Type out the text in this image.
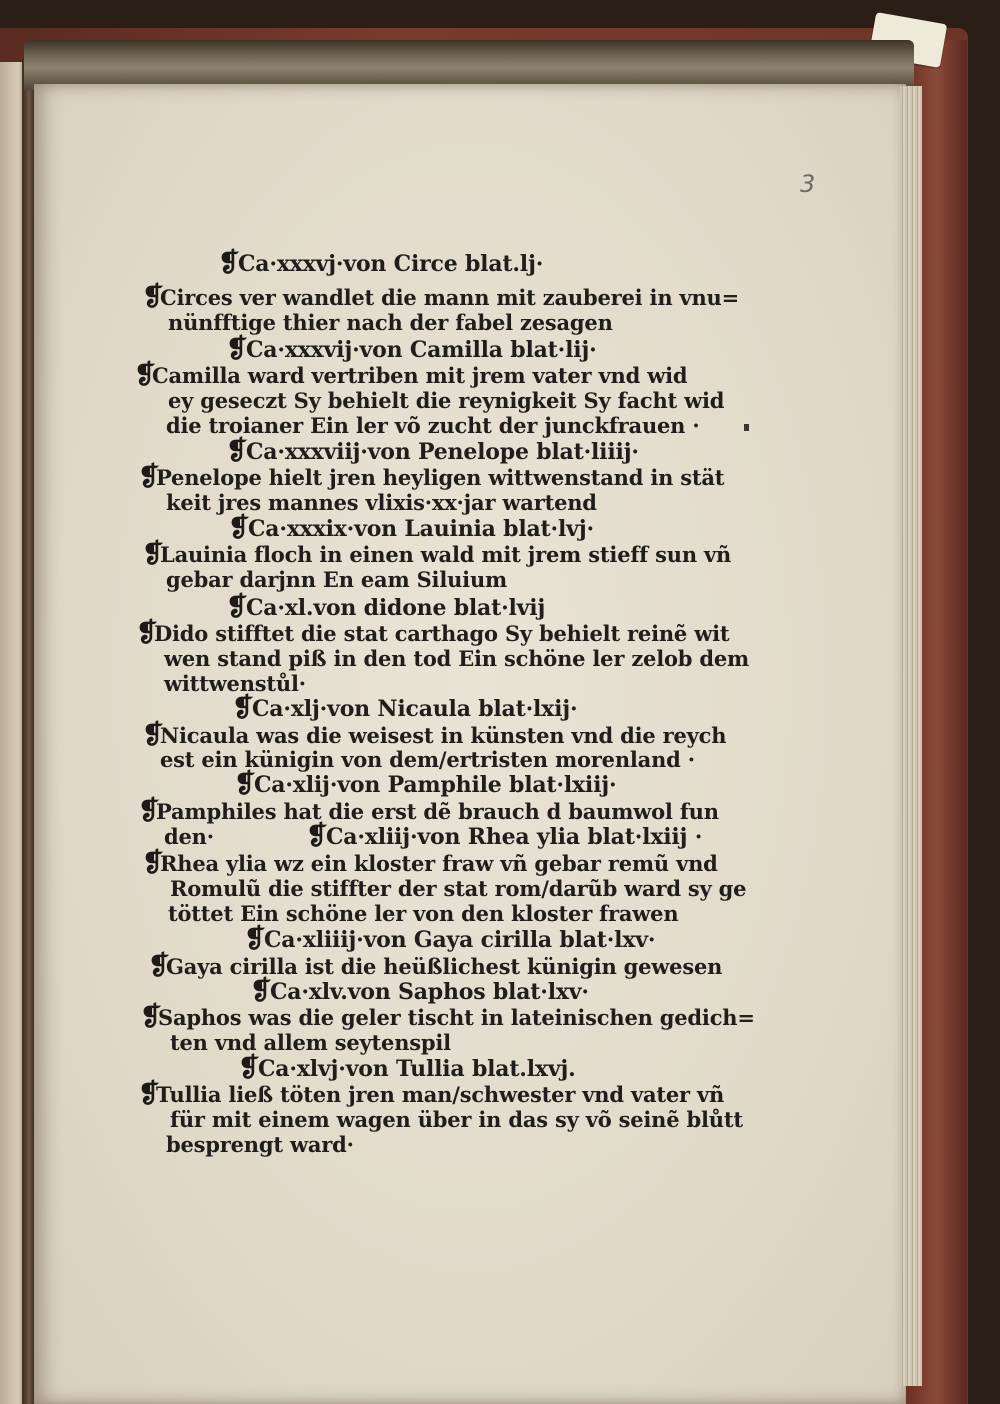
3
❡
Ca·xxxvj·von Circe blat.lj·
❡
Circes ver wandlet die mann mit zauberei in vnu=
nünfftige thier nach der fabel zesagen
❡
Ca·xxxvij·von Camilla blat·lij·
❡
Camilla ward vertriben mit jrem vater vnd wid
ey geseczt Sy behielt die reynigkeit Sy facht wid
die troianer Ein ler võ zucht der junckfrauen ·
❡
Ca·xxxviij·von Penelope blat·liiij·
❡
Penelope hielt jren heyligen wittwenstand in stät
keit jres mannes vlixis·xx·jar wartend
❡
Ca·xxxix·von Lauinia blat·lvj·
❡
Lauinia floch in einen wald mit jrem stieff sun vñ
gebar darjnn En eam Siluium
❡
Ca·xl.von didone blat·lvij
❡
Dido stifftet die stat carthago Sy behielt reinẽ wit
wen stand piß in den tod Ein schöne ler zelob dem
wittwenstůl·
❡
Ca·xlj·von Nicaula blat·lxij·
❡
Nicaula was die weisest in künsten vnd die reych
est ein künigin von dem/ertristen morenland ·
❡
Ca·xlij·von Pamphile blat·lxiij·
❡
Pamphiles hat die erst dẽ brauch d baumwol fun
den·	❡
Ca·xliij·von Rhea ylia blat·lxiij ·
❡
Rhea ylia wz ein kloster fraw vñ gebar remũ vnd
Romulũ die stiffter der stat rom/darũb ward sy ge
töttet Ein schöne ler von den kloster frawen
❡
Ca·xliiij·von Gaya cirilla blat·lxv·
❡
Gaya cirilla ist die heüßlichest künigin gewesen
❡
Ca·xlv.von Saphos blat·lxv·
❡
Saphos was die geler tischt in lateinischen gedich=
ten vnd allem seytenspil
❡
Ca·xlvj·von Tullia blat.lxvj.
❡
Tullia ließ töten jren man/schwester vnd vater vñ
für mit einem wagen über in das sy võ seinẽ blůtt
besprengt ward·
